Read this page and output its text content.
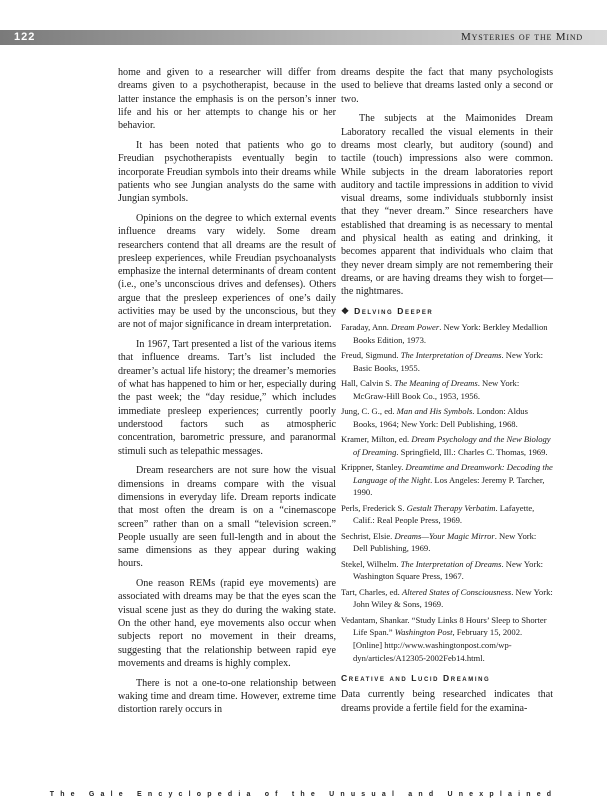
122	Mysteries of the Mind

home and given to a researcher will differ from dreams given to a psychotherapist, because in the latter instance the emphasis is on the person’s inner life and his or her attempts to change his or her behavior.

It has been noted that patients who go to Freudian psychotherapists eventually begin to incorporate Freudian symbols into their dreams while patients who see Jungian analysts do the same with Jungian symbols.

Opinions on the degree to which external events influence dreams vary widely. Some dream researchers contend that all dreams are the result of presleep experiences, while Freudian psychoanalysts emphasize the internal determinants of dream content (i.e., one’s unconscious drives and defenses). Others argue that the presleep experiences of one’s daily activities may be used by the unconscious, but they are not of major significance in dream interpretation.

In 1967, Tart presented a list of the various items that influence dreams. Tart’s list included the dreamer’s actual life history; the dreamer’s memories of what has happened to him or her, especially during the past week; the “day residue,” which includes immediate presleep experiences; currently poorly understood factors such as atmospheric concentration, barometric pressure, and paranormal stimuli such as telepathic messages.

Dream researchers are not sure how the visual dimensions in dreams compare with the visual dimensions in everyday life. Dream reports indicate that most often the dream is on a “cinemascope screen” rather than on a small “television screen.” People usually are seen full-length and in about the same dimensions as they appear during waking hours.

One reason REMs (rapid eye movements) are associated with dreams may be that the eyes scan the visual scene just as they do during the waking state. On the other hand, eye movements also occur when subjects report no movement in their dreams, suggesting that the relationship between rapid eye movements and dreams is highly complex.

There is not a one-to-one relationship between waking time and dream time. However, extreme time distortion rarely occurs in

dreams despite the fact that many psychologists used to believe that dreams lasted only a second or two.

The subjects at the Maimonides Dream Laboratory recalled the visual elements in their dreams most clearly, but auditory (sound) and tactile (touch) impressions also were common. While subjects in the dream laboratories report auditory and tactile impressions in addition to vivid visual dreams, some individuals stubbornly insist that they “never dream.” Since researchers have established that dreaming is as necessary to mental and physical health as eating and drinking, it becomes apparent that individuals who claim that they never dream simply are not remembering their dreams, or are having dreams they wish to forget—the nightmares.

❖ Delving Deeper
Faraday, Ann. Dream Power. New York: Berkley Medallion Books Edition, 1973.
Freud, Sigmund. The Interpretation of Dreams. New York: Basic Books, 1955.
Hall, Calvin S. The Meaning of Dreams. New York: McGraw-Hill Book Co., 1953, 1956.
Jung, C. G., ed. Man and His Symbols. London: Aldus Books, 1964; New York: Dell Publishing, 1968.
Kramer, Milton, ed. Dream Psychology and the New Biology of Dreaming. Springfield, Ill.: Charles C. Thomas, 1969.
Krippner, Stanley. Dreamtime and Dreamwork: Decoding the Language of the Night. Los Angeles: Jeremy P. Tarcher, 1990.
Perls, Frederick S. Gestalt Therapy Verbatim. Lafayette, Calif.: Real People Press, 1969.
Sechrist, Elsie. Dreams—Your Magic Mirror. New York: Dell Publishing, 1969.
Stekel, Wilhelm. The Interpretation of Dreams. New York: Washington Square Press, 1967.
Tart, Charles, ed. Altered States of Consciousness. New York: John Wiley & Sons, 1969.
Vedantam, Shankar. “Study Links 8 Hours’ Sleep to Shorter Life Span.” Washington Post, February 15, 2002. [Online] http://www.washingtonpost.com/wp-dyn/articles/A12305-2002Feb14.html.
Creative and Lucid Dreaming

Data currently being researched indicates that dreams provide a fertile field for the examina-

The Gale Encyclopedia of the Unusual and Unexplained
